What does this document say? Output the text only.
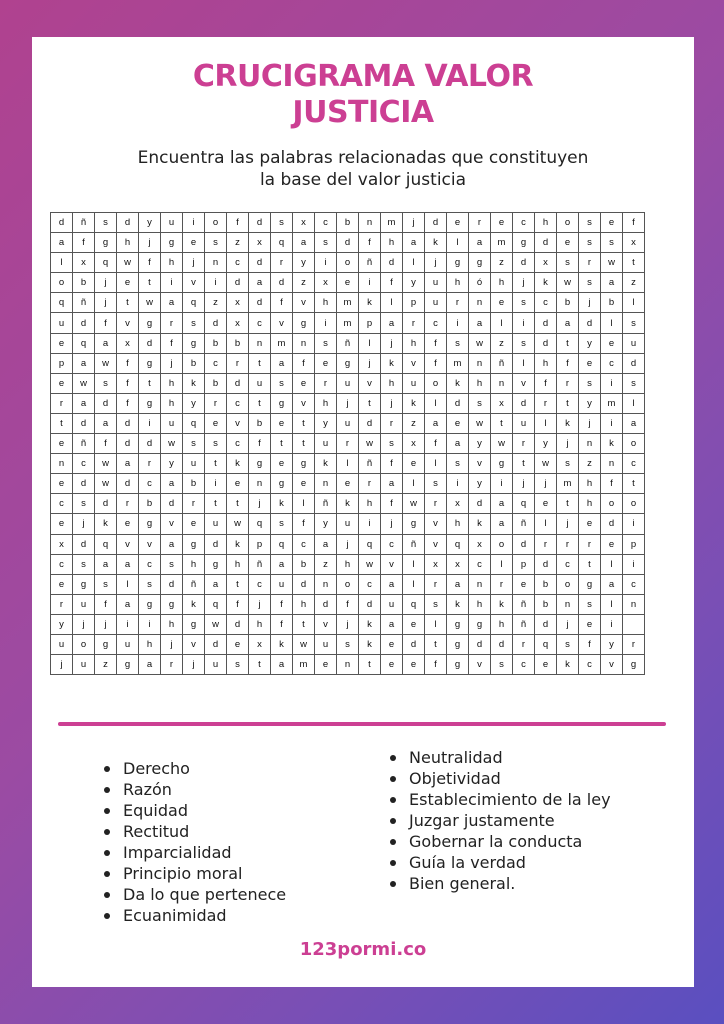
CRUCIGRAMA VALOR
JUSTICIA
Encuentra las palabras relacionadas que constituyen
la base del valor justicia
d	ñ	s	d	y	u	i	o	f	d	s	x	c	b	n	m	j	d	e	r	e	c	h	o	s	e	f
a	f	g	h	j	g	e	s	z	x	q	a	s	d	f	h	a	k	l	a	m	g	d	e	s	s	x
l	x	q	w	f	h	j	n	c	d	r	y	i	o	ñ	d	l	j	g	g	z	d	x	s	r	w	t
o	b	j	e	t	i	v	i	d	a	d	z	x	e	i	f	y	u	h	ó	h	j	k	w	s	a	z
q	ñ	j	t	w	a	q	z	x	d	f	v	h	m	k	l	p	u	r	n	e	s	c	b	j	b	l
u	d	f	v	g	r	s	d	x	c	v	g	i	m	p	a	r	c	i	a	l	i	d	a	d	l	s
e	q	a	x	d	f	g	b	b	n	m	n	s	ñ	l	j	h	f	s	w	z	s	d	t	y	e	u
p	a	w	f	g	j	b	c	r	t	a	f	e	g	j	k	v	f	m	n	ñ	l	h	f	e	c	d
e	w	s	f	t	h	k	b	d	u	s	e	r	u	v	h	u	o	k	h	n	v	f	r	s	i	s
r	a	d	f	g	h	y	r	c	t	g	v	h	j	t	j	k	l	d	s	x	d	r	t	y	m	l
t	d	a	d	i	u	q	e	v	b	e	t	y	u	d	r	z	a	e	w	t	u	l	k	j	i	a
e	ñ	f	d	d	w	s	s	c	f	t	t	u	r	w	s	x	f	a	y	w	r	y	j	n	k	o
n	c	w	a	r	y	u	t	k	g	e	g	k	l	ñ	f	e	l	s	v	g	t	w	s	z	n	c
e	d	w	d	c	a	b	i	e	n	g	e	n	e	r	a	l	s	i	y	i	j	j	m	h	f	t
c	s	d	r	b	d	r	t	t	j	k	l	ñ	k	h	f	w	r	x	d	a	q	e	t	h	o	o
e	j	k	e	g	v	e	u	w	q	s	f	y	u	i	j	g	v	h	k	a	ñ	l	j	e	d	i
x	d	q	v	v	a	g	d	k	p	q	c	a	j	q	c	ñ	v	q	x	o	d	r	r	r	e	p
c	s	a	a	c	s	h	g	h	ñ	a	b	z	h	w	v	l	x	x	c	l	p	d	c	t	l	i
e	g	s	l	s	d	ñ	a	t	c	u	d	n	o	c	a	l	r	a	n	r	e	b	o	g	a	c
r	u	f	a	g	g	k	q	f	j	f	h	d	f	d	u	q	s	k	h	k	ñ	b	n	s	l	n
y	j	j	i	i	h	g	w	d	h	f	t	v	j	k	a	e	l	g	g	h	ñ	d	j	e	i	
u	o	g	u	h	j	v	d	e	x	k	w	u	s	k	e	d	t	g	d	d	r	q	s	f	y	r
j	u	z	g	a	r	j	u	s	t	a	m	e	n	t	e	e	f	g	v	s	c	e	k	c	v	g
Derecho
Razón
Equidad
Rectitud
Imparcialidad
Principio moral
Da lo que pertenece
Ecuanimidad
Neutralidad
Objetividad
Establecimiento de la ley
Juzgar justamente
Gobernar la conducta
Guía la verdad
Bien general.
123pormi.co
